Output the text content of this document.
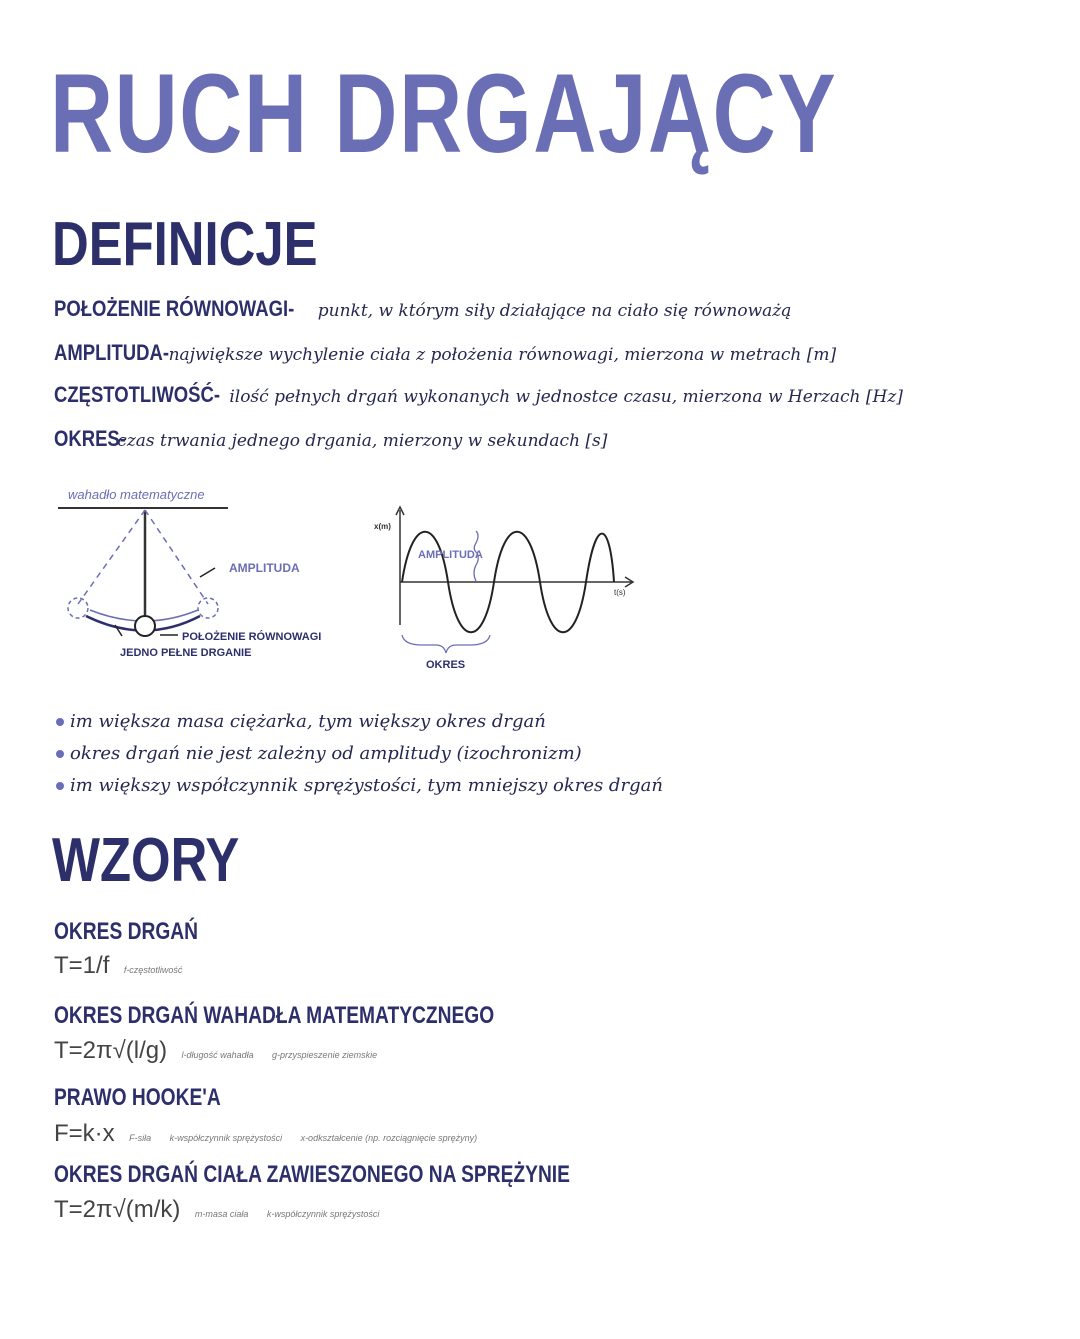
RUCH DRGAJĄCY
DEFINICJE
POŁOŻENIE RÓWNOWAGI- punkt, w którym siły działające na ciało się równoważą
AMPLITUDA- największe wychylenie ciała z położenia równowagi, mierzona w metrach [m]
CZĘSTOTLIWOŚĆ- ilość pełnych drgań wykonanych w jednostce czasu, mierzona w Herzach [Hz]
OKRES- czas trwania jednego drgania, mierzony w sekundach [s]
wahadło matematyczne
AMPLITUDA
POŁOŻENIE RÓWNOWAGI
JEDNO PEŁNE DRGANIE
x(m)
t(s)
AMPLITUDA
OKRES
im większa masa ciężarka, tym większy okres drgań
okres drgań nie jest zależny od amplitudy (izochronizm)
im większy współczynnik sprężystości, tym mniejszy okres drgań
WZORY
OKRES DRGAŃ
T=1/f f-częstotliwość
OKRES DRGAŃ WAHADŁA MATEMATYCZNEGO
T=2π√(l/g) l-długość wahadła g-przyspieszenie ziemskie
PRAWO HOOKE'A
F=k·x F-siła k-współczynnik sprężystości x-odkształcenie (np. rozciągnięcie sprężyny)
OKRES DRGAŃ CIAŁA ZAWIESZONEGO NA SPRĘŻYNIE
T=2π√(m/k) m-masa ciała k-współczynnik sprężystości
